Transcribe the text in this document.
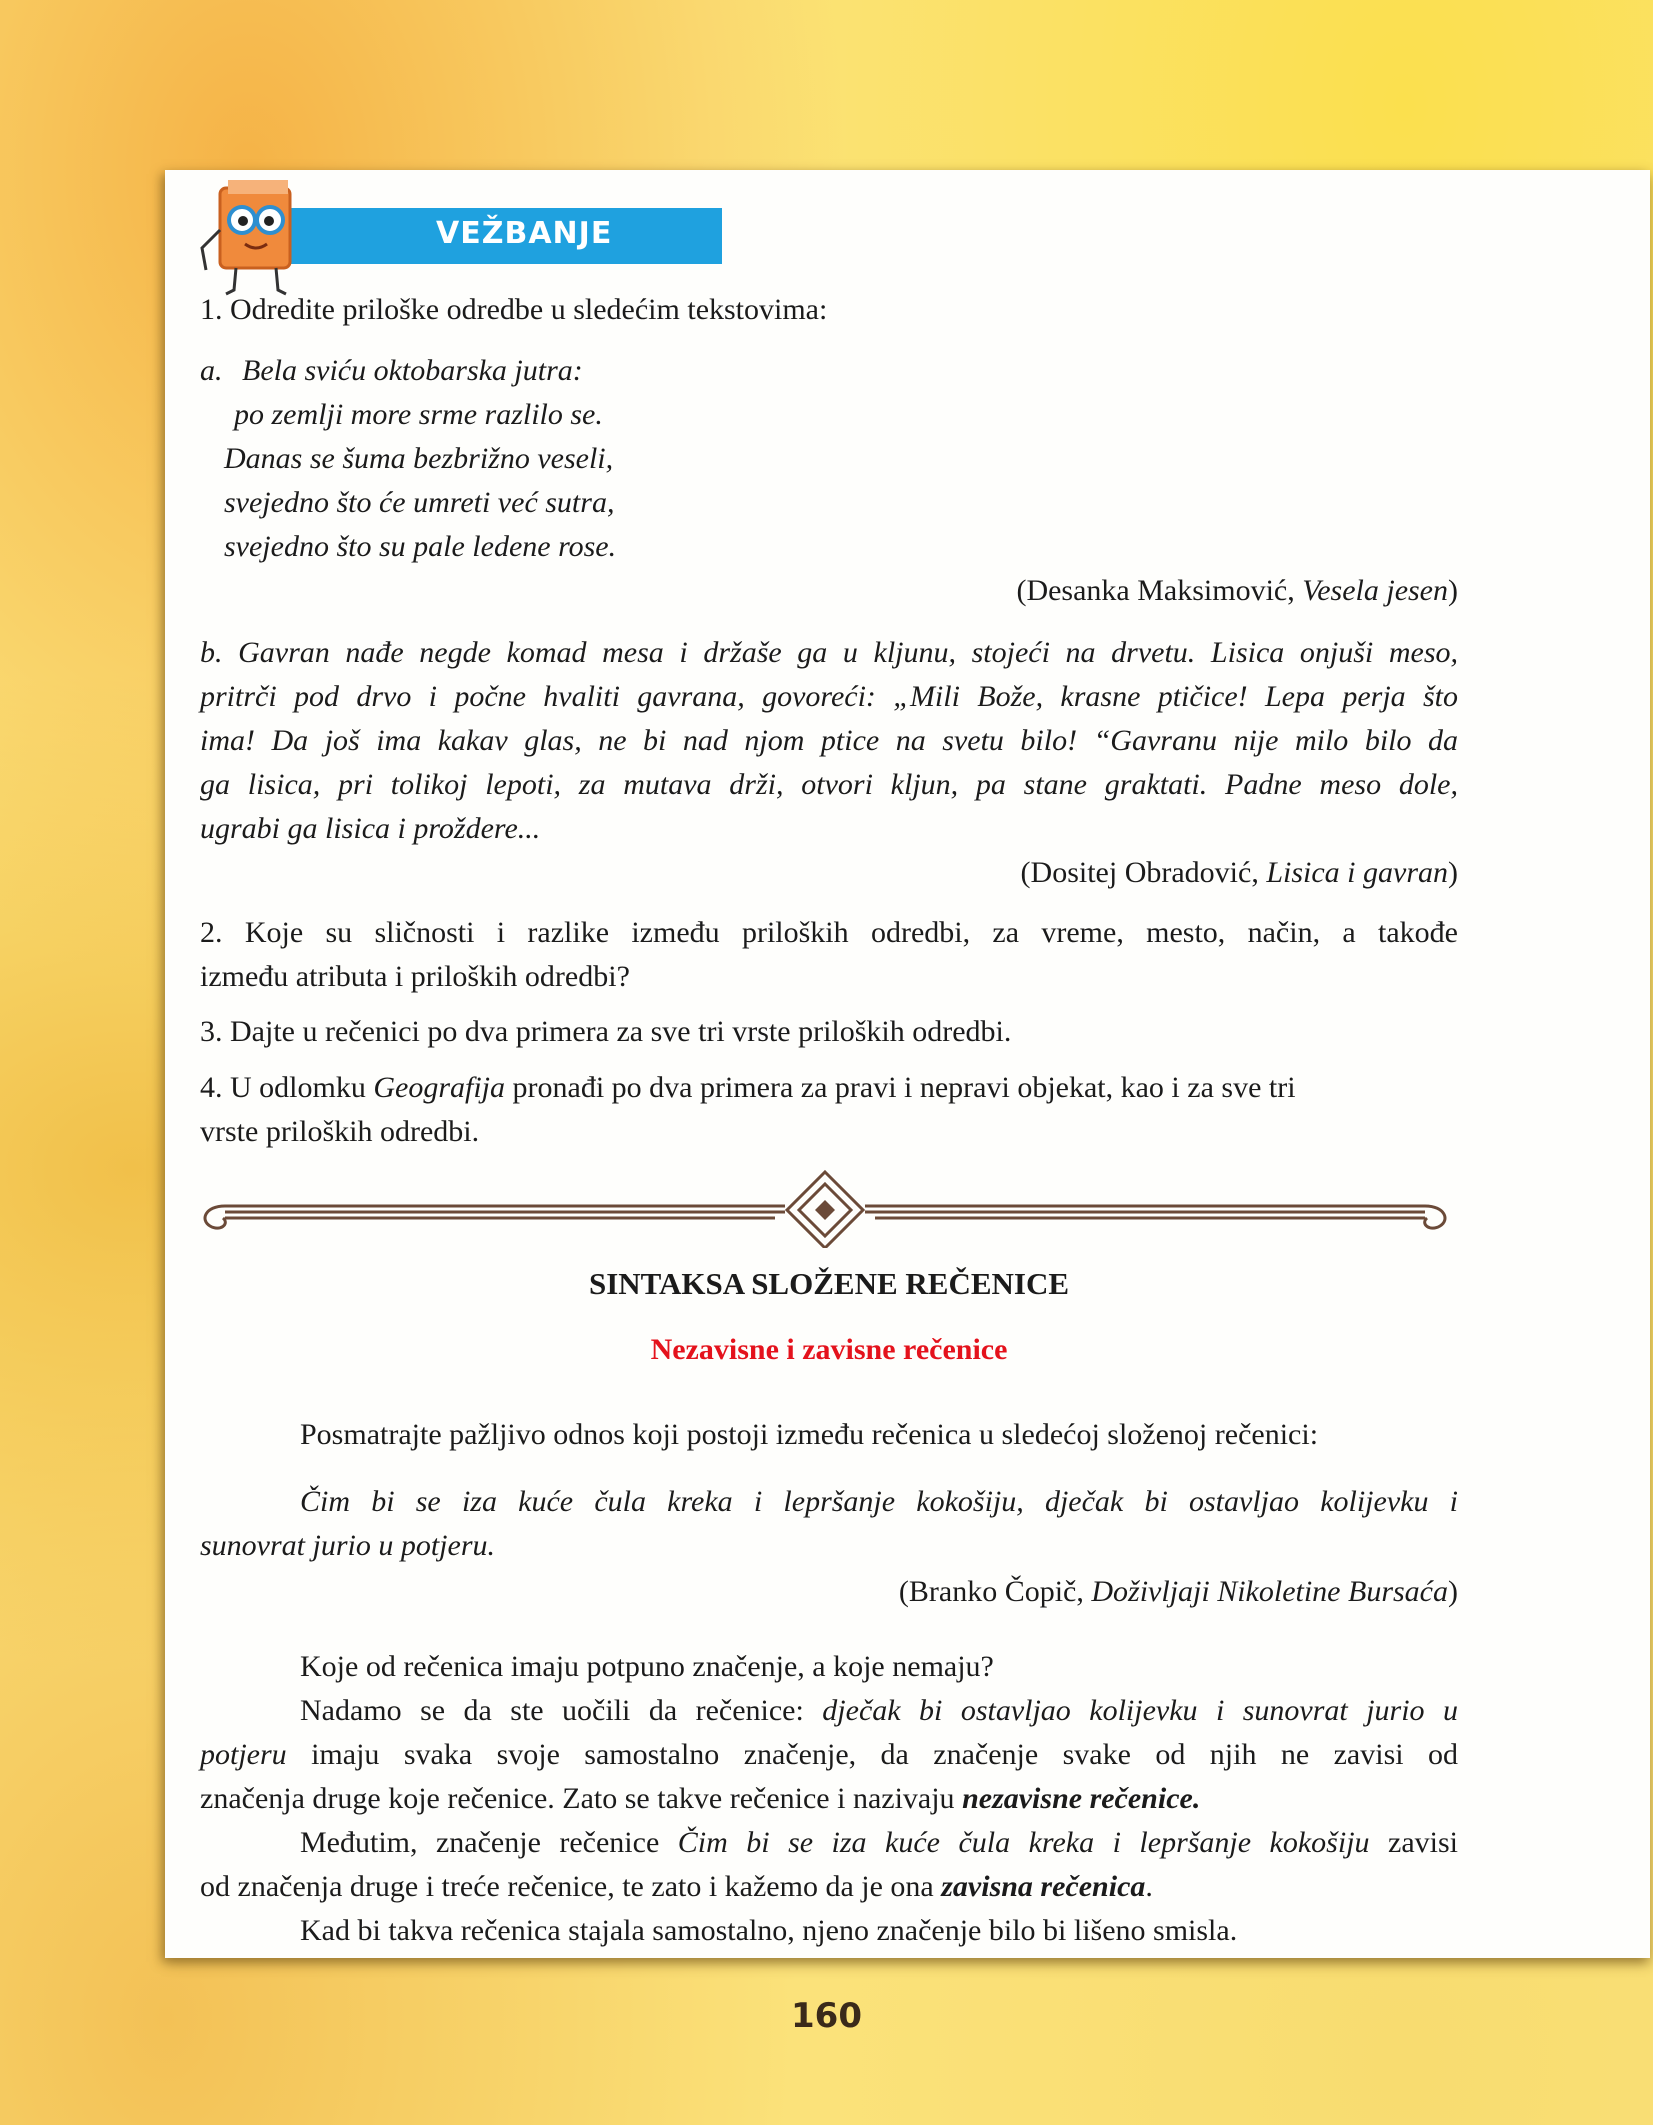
VEŽBANJE
1. Odredite priloške odredbe u sledećim tekstovima:
a. Bela sviću oktobarska jutra:
po zemlji more srme razlilo se.
Danas se šuma bezbrižno veseli,
svejedno što će umreti već sutra,
svejedno što su pale ledene rose.
(Desanka Maksimović, Vesela jesen)
b. Gavran nađe negde komad mesa i držaše ga u kljunu, stojeći na drvetu. Lisica onjuši meso,
pritrči pod drvo i počne hvaliti gavrana, govoreći: „Mili Bože, krasne ptičice! Lepa perja što
ima! Da još ima kakav glas, ne bi nad njom ptice na svetu bilo! “Gavranu nije milo bilo da
ga lisica, pri tolikoj lepoti, za mutava drži, otvori kljun, pa stane graktati. Padne meso dole,
ugrabi ga lisica i proždere...
(Dositej Obradović, Lisica i gavran)
2. Koje su sličnosti i razlike između priloških odredbi, za vreme, mesto, način, a takođe
između atributa i priloških odredbi?
3. Dajte u rečenici po dva primera za sve tri vrste priloških odredbi.
4. U odlomku Geografija pronađi po dva primera za pravi i nepravi objekat, kao i za sve tri
vrste priloških odredbi.
SINTAKSA SLOŽENE REČENICE
Nezavisne i zavisne rečenice
Posmatrajte pažljivo odnos koji postoji između rečenica u sledećoj složenoj rečenici:
Čim bi se iza kuće čula kreka i lepršanje kokošiju, dječak bi ostavljao kolijevku i
sunovrat jurio u potjeru.
(Branko Čopič, Doživljaji Nikoletine Bursaća)
Koje od rečenica imaju potpuno značenje, a koje nemaju?
Nadamo se da ste uočili da rečenice: dječak bi ostavljao kolijevku i sunovrat jurio u
potjeru imaju svaka svoje samostalno značenje, da značenje svake od njih ne zavisi od
značenja druge koje rečenice. Zato se takve rečenice i nazivaju nezavisne rečenice.
Međutim, značenje rečenice Čim bi se iza kuće čula kreka i lepršanje kokošiju zavisi
od značenja druge i treće rečenice, te zato i kažemo da je ona zavisna rečenica.
Kad bi takva rečenica stajala samostalno, njeno značenje bilo bi lišeno smisla.
160
